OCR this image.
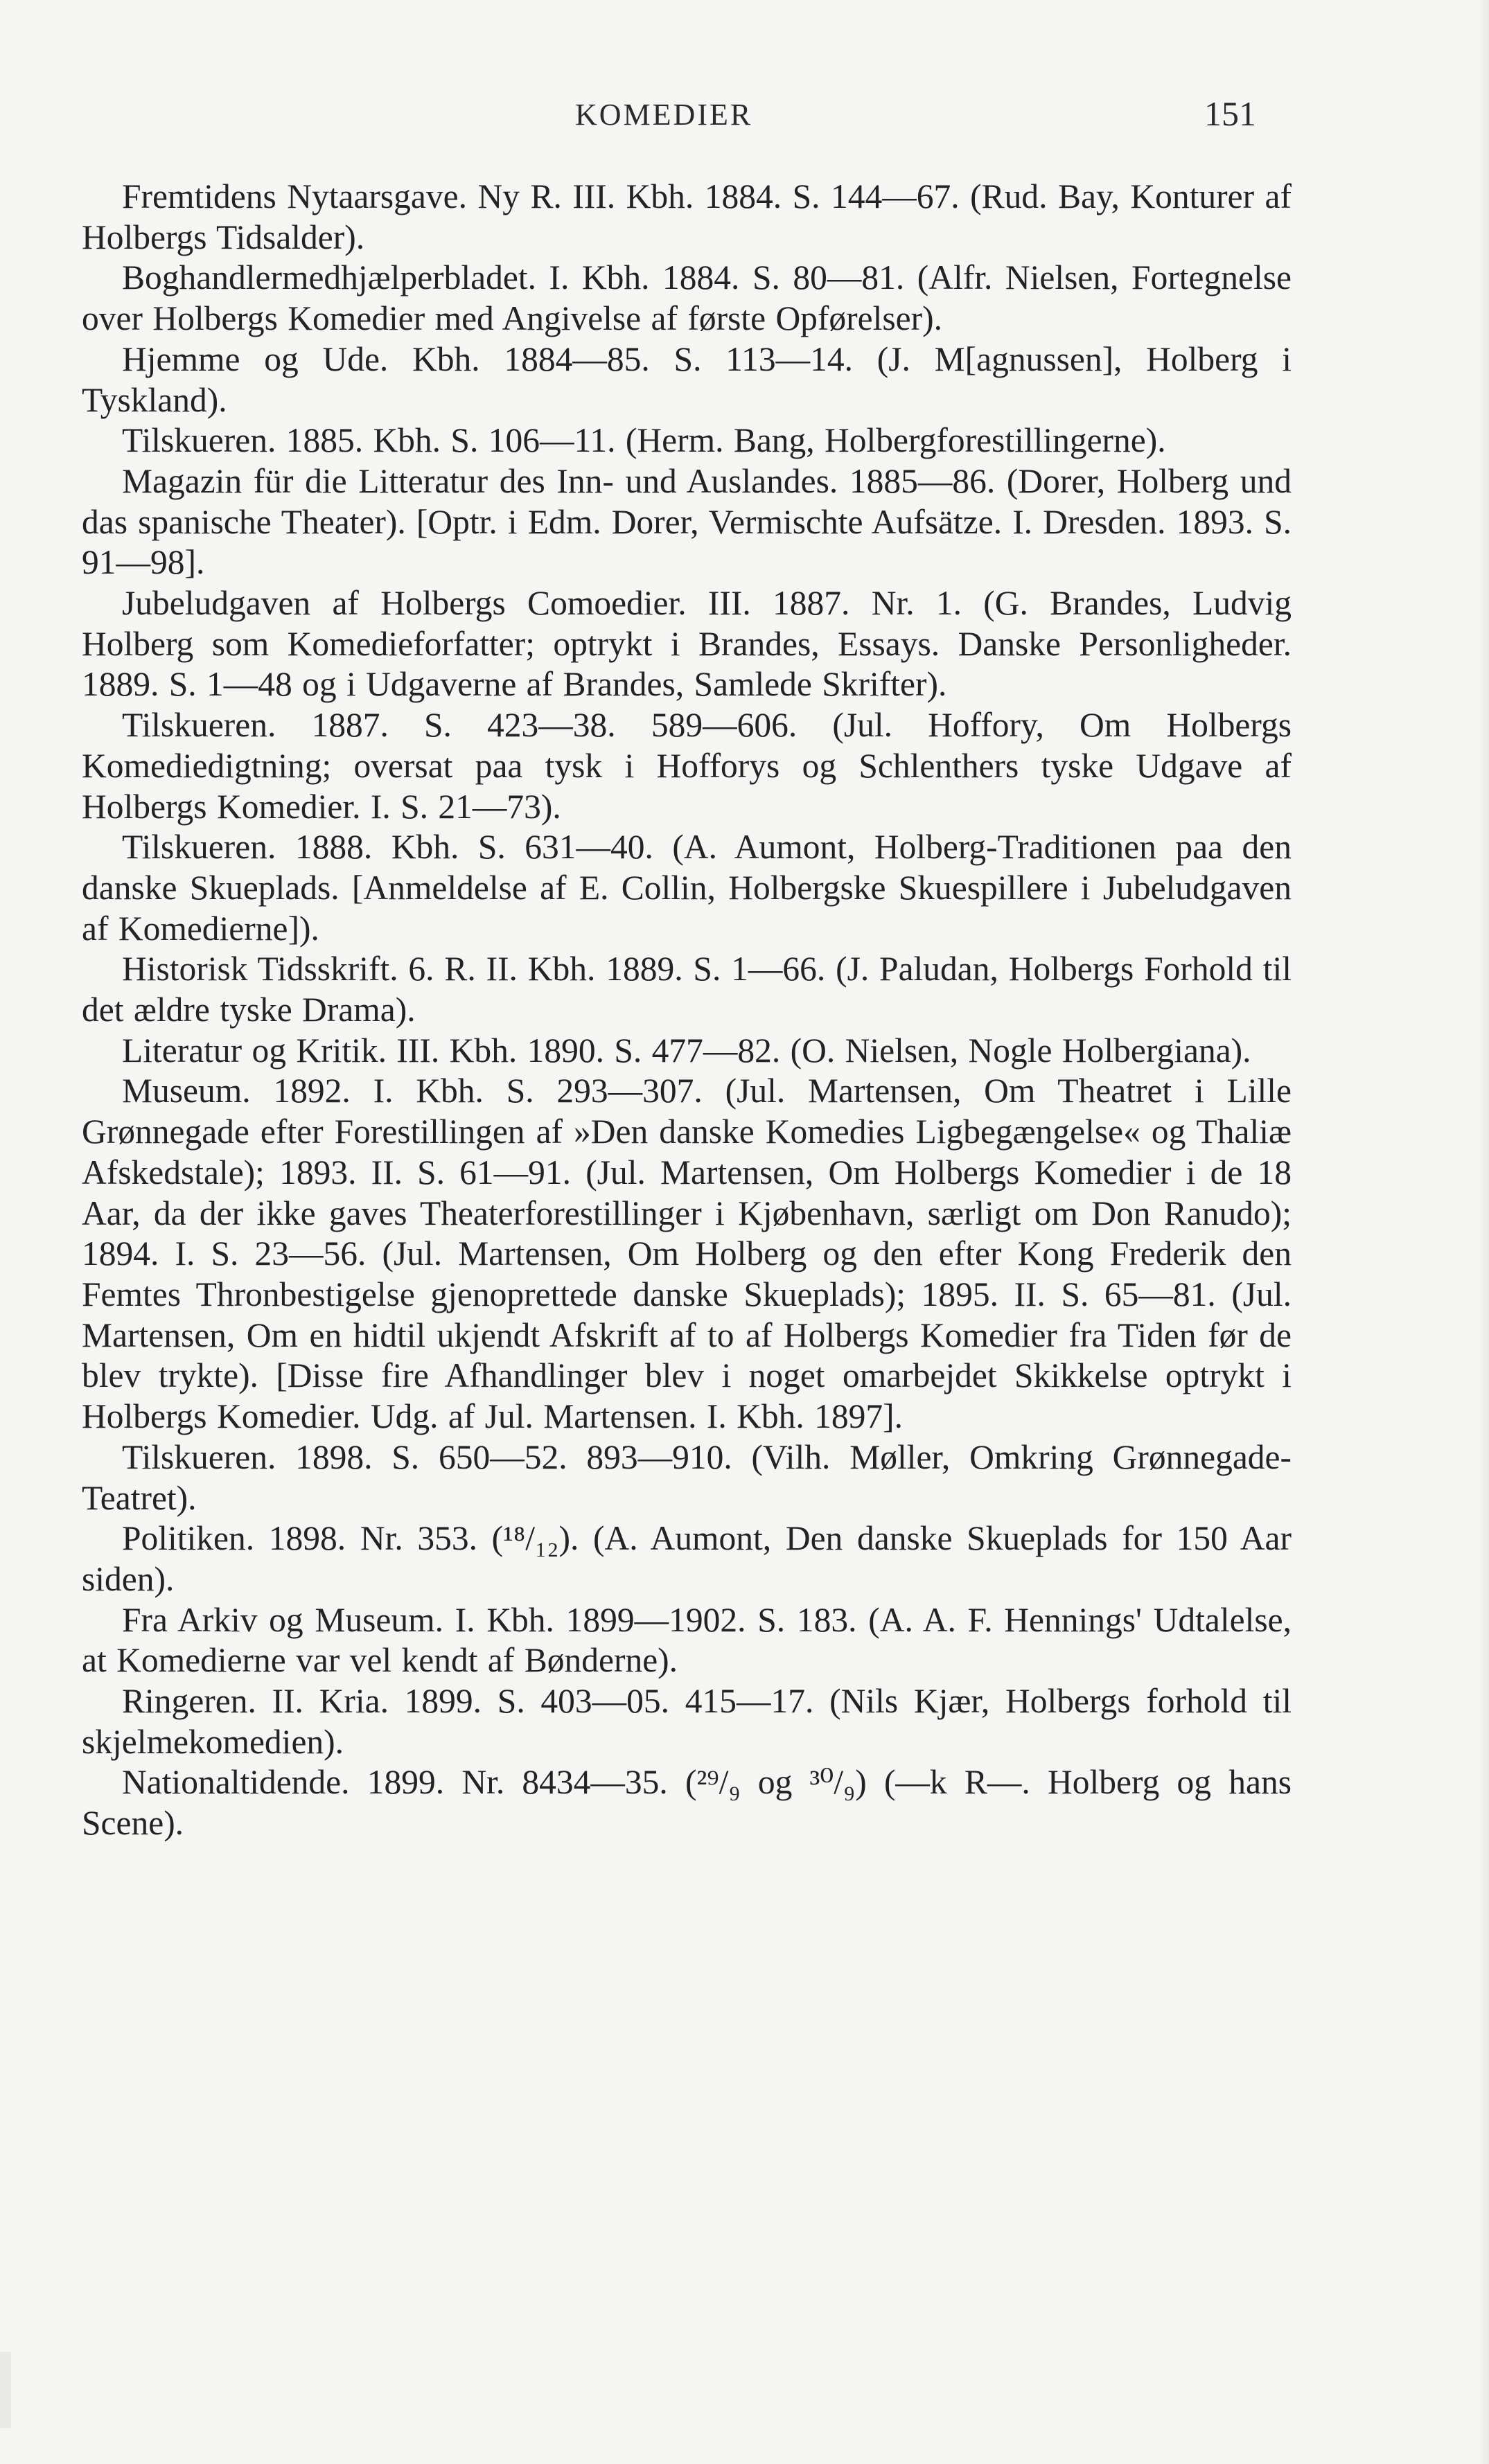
KOMEDIER	151

Fremtidens Nytaarsgave. Ny R. III. Kbh. 1884. S. 144—67. (Rud. Bay, Konturer af Holbergs Tidsalder).

Boghandlermedhjælperbladet. I. Kbh. 1884. S. 80—81. (Alfr. Nielsen, Fortegnelse over Holbergs Komedier med Angivelse af første Opførelser).

Hjemme og Ude. Kbh. 1884—85. S. 113—14. (J. M[agnussen], Holberg i Tyskland).

Tilskueren. 1885. Kbh. S. 106—11. (Herm. Bang, Holbergforestillingerne).

Magazin für die Litteratur des Inn- und Auslandes. 1885—86. (Dorer, Holberg und das spanische Theater). [Optr. i Edm. Dorer, Vermischte Aufsätze. I. Dresden. 1893. S. 91—98].

Jubeludgaven af Holbergs Comoedier. III. 1887. Nr. 1. (G. Brandes, Ludvig Holberg som Komedieforfatter; optrykt i Brandes, Essays. Danske Personligheder. 1889. S. 1—48 og i Udgaverne af Brandes, Samlede Skrifter).

Tilskueren. 1887. S. 423—38. 589—606. (Jul. Hoffory, Om Holbergs Komediedigtning; oversat paa tysk i Hofforys og Schlenthers tyske Udgave af Holbergs Komedier. I. S. 21—73).

Tilskueren. 1888. Kbh. S. 631—40. (A. Aumont, Holberg-Traditionen paa den danske Skueplads. [Anmeldelse af E. Collin, Holbergske Skuespillere i Jubeludgaven af Komedierne]).

Historisk Tidsskrift. 6. R. II. Kbh. 1889. S. 1—66. (J. Paludan, Holbergs Forhold til det ældre tyske Drama).

Literatur og Kritik. III. Kbh. 1890. S. 477—82. (O. Nielsen, Nogle Holbergiana).

Museum. 1892. I. Kbh. S. 293—307. (Jul. Martensen, Om Theatret i Lille Grønnegade efter Forestillingen af »Den danske Komedies Ligbegængelse« og Thaliæ Afskedstale); 1893. II. S. 61—91. (Jul. Martensen, Om Holbergs Komedier i de 18 Aar, da der ikke gaves Theaterforestillinger i Kjøbenhavn, særligt om Don Ranudo); 1894. I. S. 23—56. (Jul. Martensen, Om Holberg og den efter Kong Frederik den Femtes Thronbestigelse gjenoprettede danske Skueplads); 1895. II. S. 65—81. (Jul. Martensen, Om en hidtil ukjendt Afskrift af to af Holbergs Komedier fra Tiden før de blev trykte). [Disse fire Afhandlinger blev i noget omarbejdet Skikkelse optrykt i Holbergs Komedier. Udg. af Jul. Martensen. I. Kbh. 1897].

Tilskueren. 1898. S. 650—52. 893—910. (Vilh. Møller, Omkring Grønnegade-Teatret).

Politiken. 1898. Nr. 353. (¹⁸/₁₂). (A. Aumont, Den danske Skueplads for 150 Aar siden).

Fra Arkiv og Museum. I. Kbh. 1899—1902. S. 183. (A. A. F. Hennings' Udtalelse, at Komedierne var vel kendt af Bønderne).

Ringeren. II. Kria. 1899. S. 403—05. 415—17. (Nils Kjær, Holbergs forhold til skjelmekomedien).

Nationaltidende. 1899. Nr. 8434—35. (²⁹/₉ og ³⁰/₉) (—k R—. Holberg og hans Scene).
